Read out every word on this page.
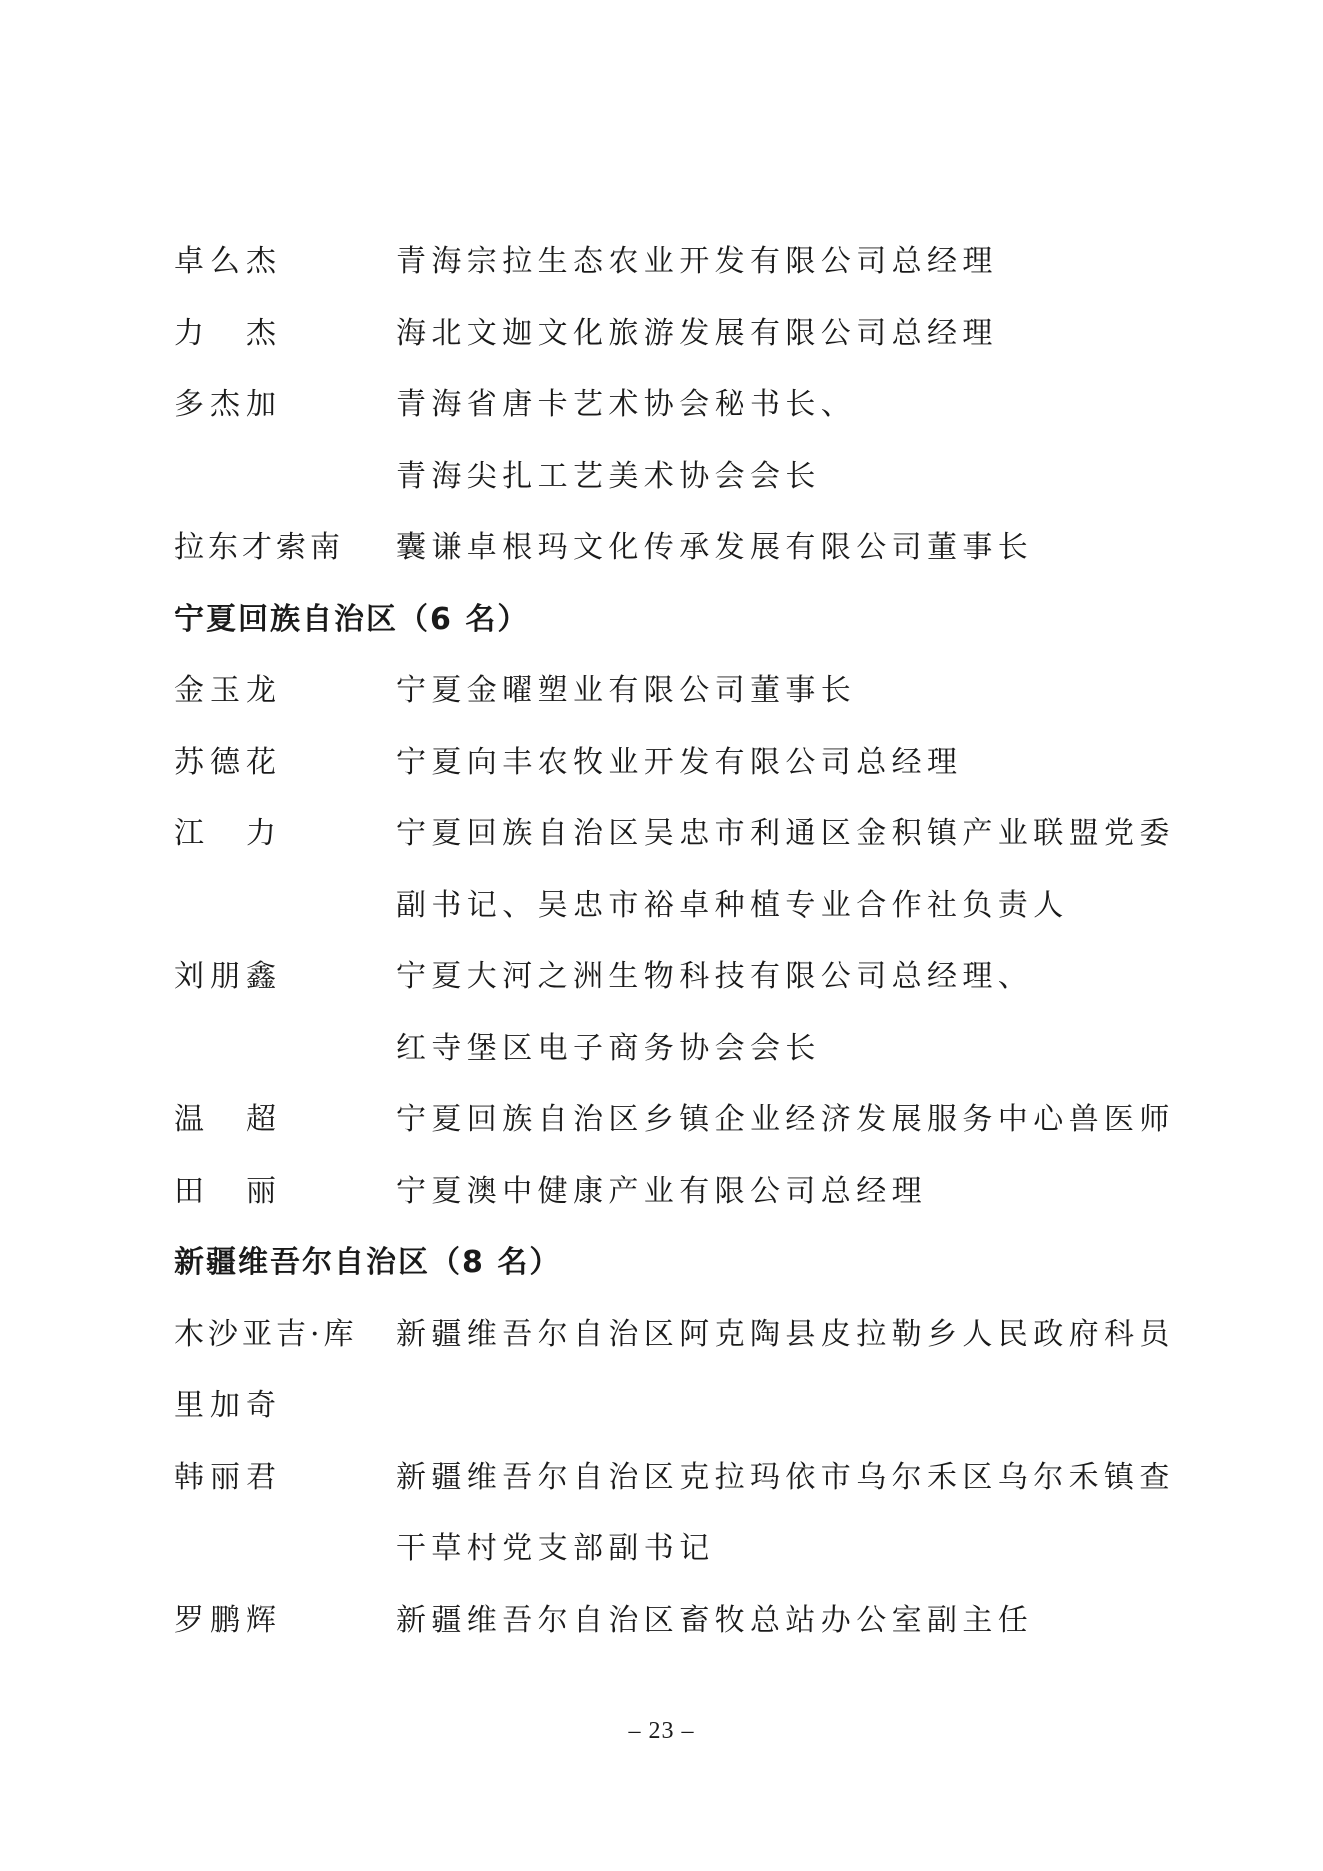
卓么杰	青海宗拉生态农业开发有限公司总经理
力　杰	海北文迦文化旅游发展有限公司总经理
多杰加	青海省唐卡艺术协会秘书长、
青海尖扎工艺美术协会会长
拉东才索南	囊谦卓根玛文化传承发展有限公司董事长
宁夏回族自治区（6 名）
金玉龙	宁夏金曜塑业有限公司董事长
苏德花	宁夏向丰农牧业开发有限公司总经理
江　力	宁夏回族自治区吴忠市利通区金积镇产业联盟党委
副书记、吴忠市裕卓种植专业合作社负责人
刘朋鑫	宁夏大河之洲生物科技有限公司总经理、
红寺堡区电子商务协会会长
温　超	宁夏回族自治区乡镇企业经济发展服务中心兽医师
田　丽	宁夏澳中健康产业有限公司总经理
新疆维吾尔自治区（8 名）
木沙亚吉·库	新疆维吾尔自治区阿克陶县皮拉勒乡人民政府科员
里加奇
韩丽君	新疆维吾尔自治区克拉玛依市乌尔禾区乌尔禾镇查
干草村党支部副书记
罗鹏辉	新疆维吾尔自治区畜牧总站办公室副主任
– 23 –
